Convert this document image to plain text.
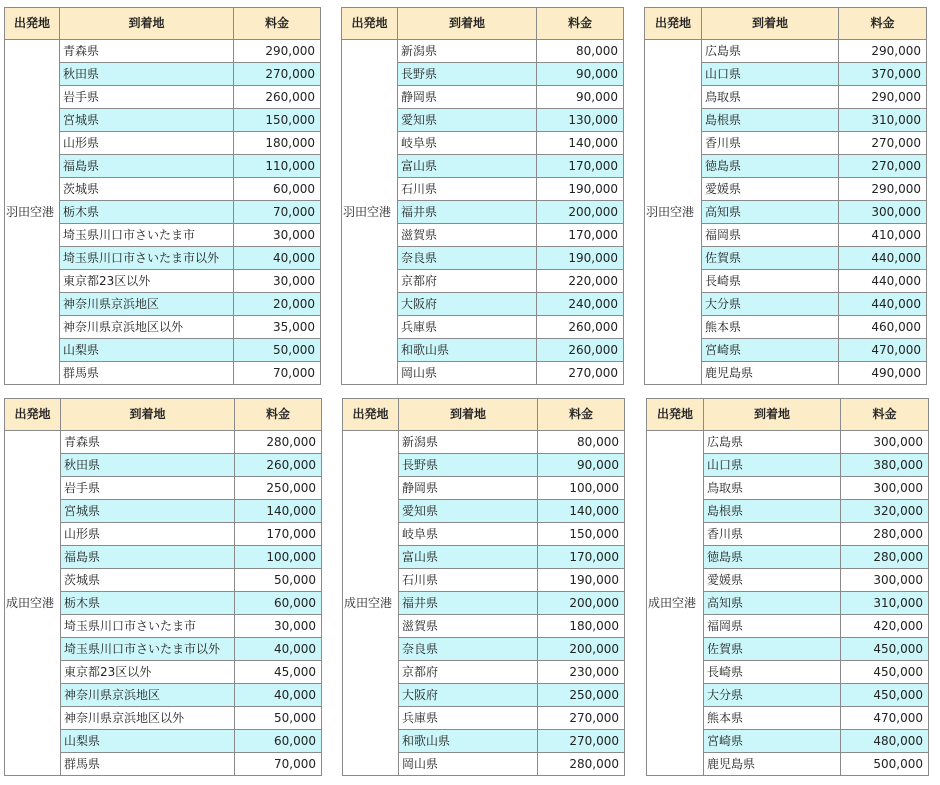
出発地	到着地	料金
羽田空港	青森県	290,000
	秋田県	270,000
	岩手県	260,000
	宮城県	150,000
	山形県	180,000
	福島県	110,000
	茨城県	60,000
	栃木県	70,000
	埼玉県川口市さいたま市	30,000
	埼玉県川口市さいたま市以外	40,000
	東京都23区以外	30,000
	神奈川県京浜地区	20,000
	神奈川県京浜地区以外	35,000
	山梨県	50,000
	群馬県	70,000
出発地	到着地	料金
羽田空港	新潟県	80,000
	長野県	90,000
	静岡県	90,000
	愛知県	130,000
	岐阜県	140,000
	富山県	170,000
	石川県	190,000
	福井県	200,000
	滋賀県	170,000
	奈良県	190,000
	京都府	220,000
	大阪府	240,000
	兵庫県	260,000
	和歌山県	260,000
	岡山県	270,000
出発地	到着地	料金
羽田空港	広島県	290,000
	山口県	370,000
	鳥取県	290,000
	島根県	310,000
	香川県	270,000
	徳島県	270,000
	愛媛県	290,000
	高知県	300,000
	福岡県	410,000
	佐賀県	440,000
	長崎県	440,000
	大分県	440,000
	熊本県	460,000
	宮崎県	470,000
	鹿児島県	490,000
出発地	到着地	料金
成田空港	青森県	280,000
	秋田県	260,000
	岩手県	250,000
	宮城県	140,000
	山形県	170,000
	福島県	100,000
	茨城県	50,000
	栃木県	60,000
	埼玉県川口市さいたま市	30,000
	埼玉県川口市さいたま市以外	40,000
	東京都23区以外	45,000
	神奈川県京浜地区	40,000
	神奈川県京浜地区以外	50,000
	山梨県	60,000
	群馬県	70,000
出発地	到着地	料金
成田空港	新潟県	80,000
	長野県	90,000
	静岡県	100,000
	愛知県	140,000
	岐阜県	150,000
	富山県	170,000
	石川県	190,000
	福井県	200,000
	滋賀県	180,000
	奈良県	200,000
	京都府	230,000
	大阪府	250,000
	兵庫県	270,000
	和歌山県	270,000
	岡山県	280,000
出発地	到着地	料金
成田空港	広島県	300,000
	山口県	380,000
	鳥取県	300,000
	島根県	320,000
	香川県	280,000
	徳島県	280,000
	愛媛県	300,000
	高知県	310,000
	福岡県	420,000
	佐賀県	450,000
	長崎県	450,000
	大分県	450,000
	熊本県	470,000
	宮崎県	480,000
	鹿児島県	500,000
